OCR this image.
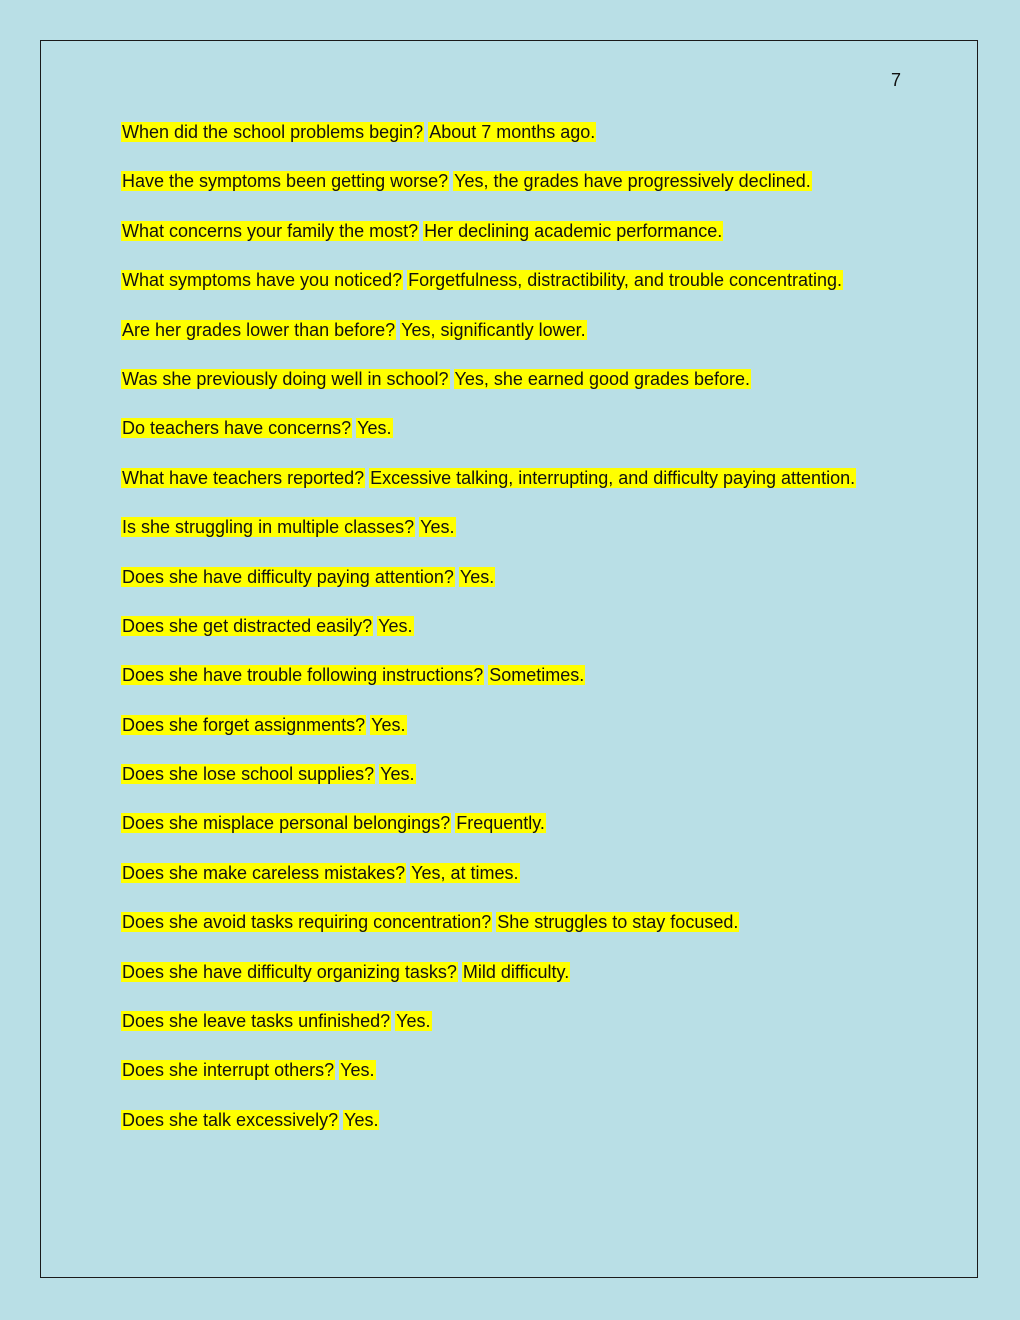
7
When did the school problems begin? About 7 months ago.
Have the symptoms been getting worse? Yes, the grades have progressively declined.
What concerns your family the most? Her declining academic performance.
What symptoms have you noticed? Forgetfulness, distractibility, and trouble concentrating.
Are her grades lower than before? Yes, significantly lower.
Was she previously doing well in school? Yes, she earned good grades before.
Do teachers have concerns? Yes.
What have teachers reported? Excessive talking, interrupting, and difficulty paying attention.
Is she struggling in multiple classes? Yes.
Does she have difficulty paying attention? Yes.
Does she get distracted easily? Yes.
Does she have trouble following instructions? Sometimes.
Does she forget assignments? Yes.
Does she lose school supplies? Yes.
Does she misplace personal belongings? Frequently.
Does she make careless mistakes? Yes, at times.
Does she avoid tasks requiring concentration? She struggles to stay focused.
Does she have difficulty organizing tasks? Mild difficulty.
Does she leave tasks unfinished? Yes.
Does she interrupt others? Yes.
Does she talk excessively? Yes.
